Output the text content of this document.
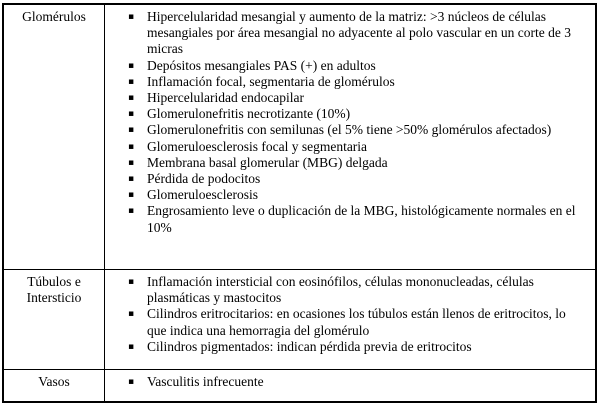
Glomérulos	▪ Hipercelularidad mesangial y aumento de la matriz: >3 núcleos de células mesangiales por área mesangial no adyacente al polo vascular en un corte de 3 micras
▪ Depósitos mesangiales PAS (+) en adultos
▪ Inflamación focal, segmentaria de glomérulos
▪ Hipercelularidad endocapilar
▪ Glomerulonefritis necrotizante (10%)
▪ Glomerulonefritis con semilunas (el 5% tiene >50% glomérulos afectados)
▪ Glomeruloesclerosis focal y segmentaria
▪ Membrana basal glomerular (MBG) delgada
▪ Pérdida de podocitos
▪ Glomeruloesclerosis
▪ Engrosamiento leve o duplicación de la MBG, histológicamente normales en el 10%
Túbulos e Intersticio
▪ Inflamación intersticial con eosinófilos, células mononucleadas, células plasmáticas y mastocitos
▪ Cilindros eritrocitarios: en ocasiones los túbulos están llenos de eritrocitos, lo que indica una hemorragia del glomérulo
▪ Cilindros pigmentados: indican pérdida previa de eritrocitos
Vasos	▪ Vasculitis infrecuente
